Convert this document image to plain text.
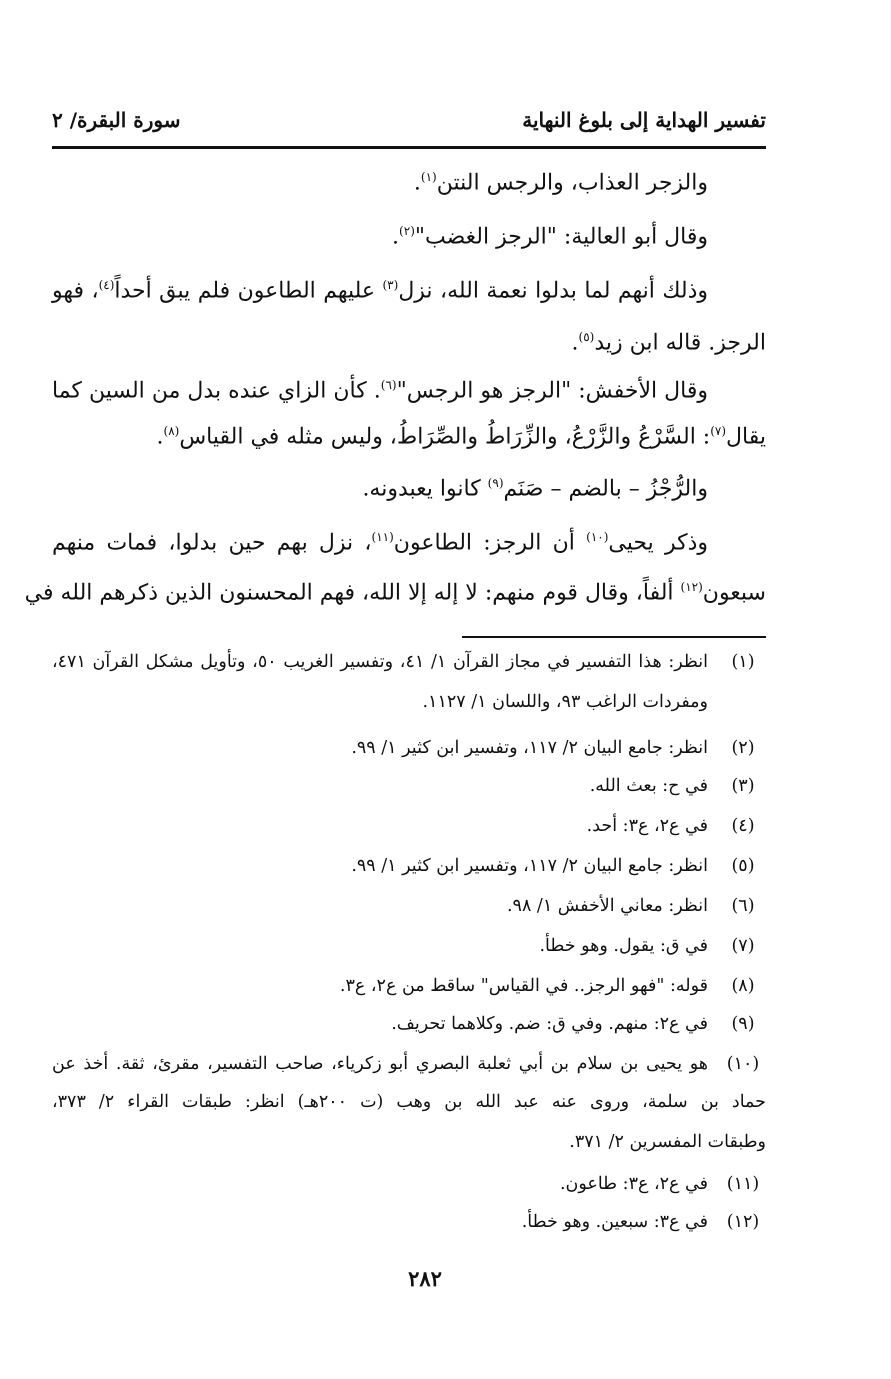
تفسير الهداية إلى بلوغ النهاية
سورة البقرة/ ٢
والزجر العذاب، والرجس النتن$^{(١)}$.
وقال أبو العالية: "الرجز الغضب"$^{(٢)}$.
وذلك أنهم لما بدلوا نعمة الله، نزل$^{(٣)}$ عليهم الطاعون فلم يبق أحداً$^{(٤)}$، فهو
الرجز. قاله ابن زيد$^{(٥)}$.
وقال الأخفش: "الرجز هو الرجس"$^{(٦)}$. كأن الزاي عنده بدل من السين كما
يقال$^{(٧)}$: السَّرْعُ والزَّرْعُ، والزِّرَاطُ والصِّرَاطُ، وليس مثله في القياس$^{(٨)}$.
والرُّجْزُ – بالضم – صَنَم$^{(٩)}$ كانوا يعبدونه.
وذكر يحيى$^{(١٠)}$ أن الرجز: الطاعون$^{(١١)}$، نزل بهم حين بدلوا، فمات منهم
سبعون$^{(١٢)}$ ألفاً، وقال قوم منهم: لا إله إلا الله، فهم المحسنون الذين ذكرهم الله في
(١)
انظر: هذا التفسير في مجاز القرآن ١/ ٤١، وتفسير الغريب ٥٠، وتأويل مشكل القرآن ٤٧١،
ومفردات الراغب ٩٣، واللسان ١/ ١١٢٧.
(٢)
انظر: جامع البيان ٢/ ١١٧، وتفسير ابن كثير ١/ ٩٩.
(٣)
في ح: بعث الله.
(٤)
في ع٢، ع٣: أحد.
(٥)
انظر: جامع البيان ٢/ ١١٧، وتفسير ابن كثير ١/ ٩٩.
(٦)
انظر: معاني الأخفش ١/ ٩٨.
(٧)
في ق: يقول. وهو خطأ.
(٨)
قوله: "فهو الرجز.. في القياس" ساقط من ع٢، ع٣.
(٩)
في ع٢: منهم. وفي ق: ضم. وكلاهما تحريف.
(١٠)
هو يحيى بن سلام بن أبي ثعلبة البصري أبو زكرياء، صاحب التفسير، مقرئ، ثقة. أخذ عن
حماد بن سلمة، وروى عنه عبد الله بن وهب (ت ٢٠٠هـ) انظر: طبقات القراء ٢/ ٣٧٣،
وطبقات المفسرين ٢/ ٣٧١.
(١١)
في ع٢، ع٣: طاعون.
(١٢)
في ع٣: سبعين. وهو خطأ.
٢٨٢
